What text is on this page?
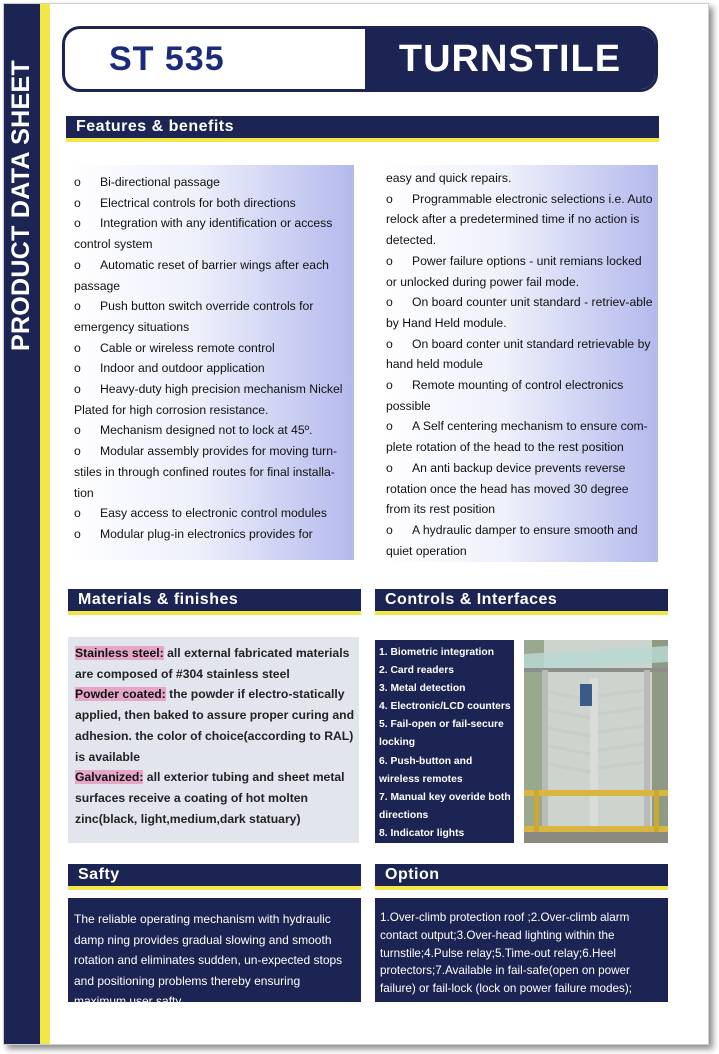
PRODUCT DATA SHEET
ST 535	TURNSTILE
Features & benefits
o Bi-directional passage
o Electrical controls for both directions
o Integration with any identification or access control system
o Automatic reset of barrier wings after each passage
o Push button switch override controls for emergency situations
o Cable or wireless remote control
o Indoor and outdoor application
o Heavy-duty high precision mechanism Nickel Plated for high corrosion resistance.
o Mechanism designed not to lock at 45º.
o Modular assembly provides for moving turn-stiles in through confined routes for final installa-tion
o Easy access to electronic control modules
o Modular plug-in electronics provides for
easy and quick repairs.
o Programmable electronic selections i.e. Auto relock after a predetermined time if no action is detected.
o Power failure options - unit remians locked or unlocked during power fail mode.
o On board counter unit standard - retriev-able by Hand Held module.
o On board conter unit standard retrievable by hand held module
o Remote mounting of control electronics possible
o A Self centering mechanism to ensure com-plete rotation of the head to the rest position
o An anti backup device prevents reverse rotation once the head has moved 30 degree from its rest position
o A hydraulic damper to ensure smooth and quiet operation
Materials & finishes
Stainless steel: all external fabricated materials are composed of #304 stainless steel
Powder coated: the powder if electro-statically applied, then baked to assure proper curing and adhesion. the color of choice(according to RAL) is available
Galvanized: all exterior tubing and sheet metal surfaces receive a coating of hot molten zinc(black, light,medium,dark statuary)
Controls & Interfaces
1. Biometric integration
2. Card readers
3. Metal detection
4. Electronic/LCD counters
5. Fail-open or fail-secure locking
6. Push-button and wireless remotes
7. Manual key overide both directions
8. Indicator lights
Safty
The reliable operating mechanism with hydraulic damp ning provides gradual slowing and smooth rotation and eliminates sudden, un-expected stops and positioning problems thereby ensuring maximum user safty
Option
1.Over-climb protection roof ;2.Over-climb alarm contact output;3.Over-head lighting within the turnstile;4.Pulse relay;5.Time-out relay;6.Heel protectors;7.Available in fail-safe(open on power failure) or fail-lock (lock on power failure modes);
